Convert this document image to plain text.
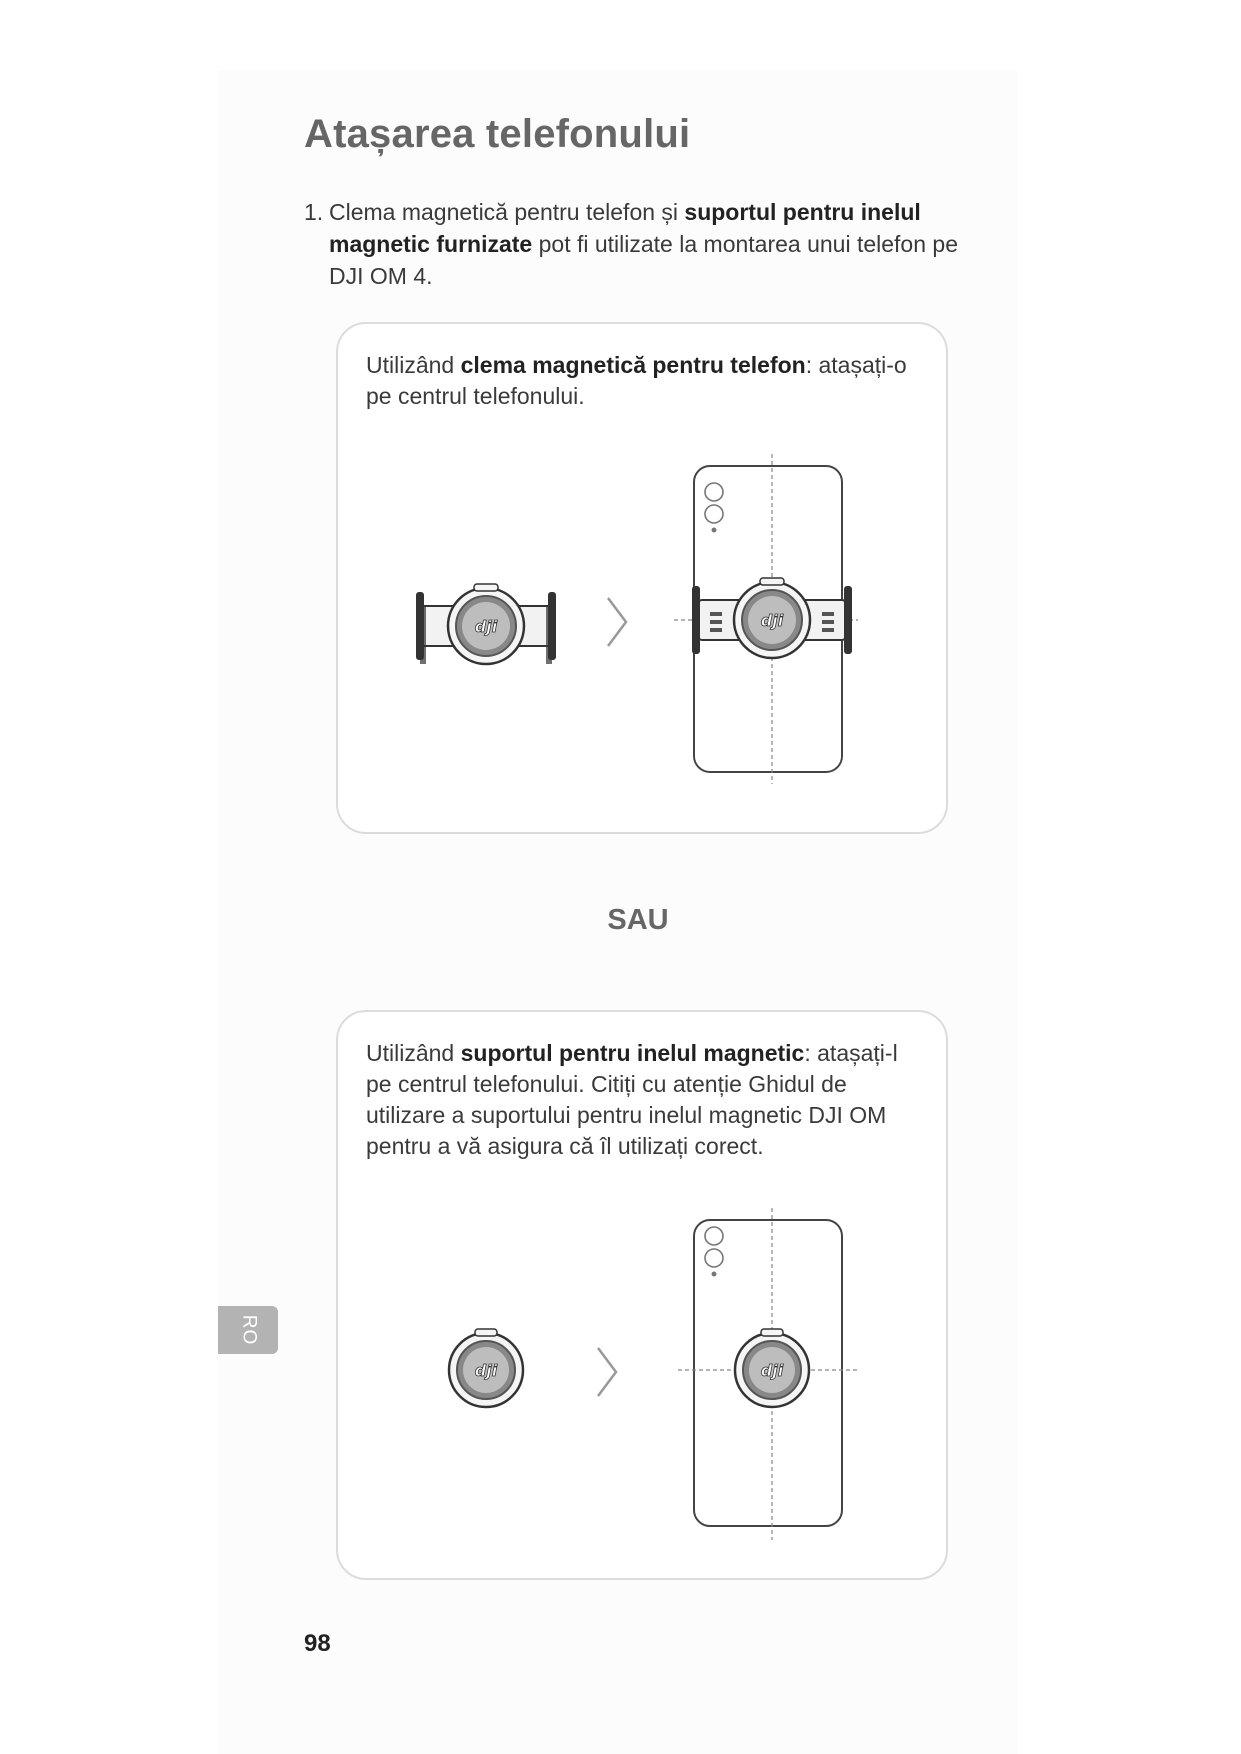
Atașarea telefonului
1. Clema magnetică pentru telefon și suportul pentru inelul magnetic furnizate pot fi utilizate la montarea unui telefon pe DJI OM 4.
Utilizând clema magnetică pentru telefon: atașați-o pe centrul telefonului.
dji	dji
SAU
Utilizând suportul pentru inelul magnetic: atașați-l pe centrul telefonului. Citiți cu atenție Ghidul de utilizare a suportului pentru inelul magnetic DJI OM pentru a vă asigura că îl utilizați corect.
dji	dji
RO
98
